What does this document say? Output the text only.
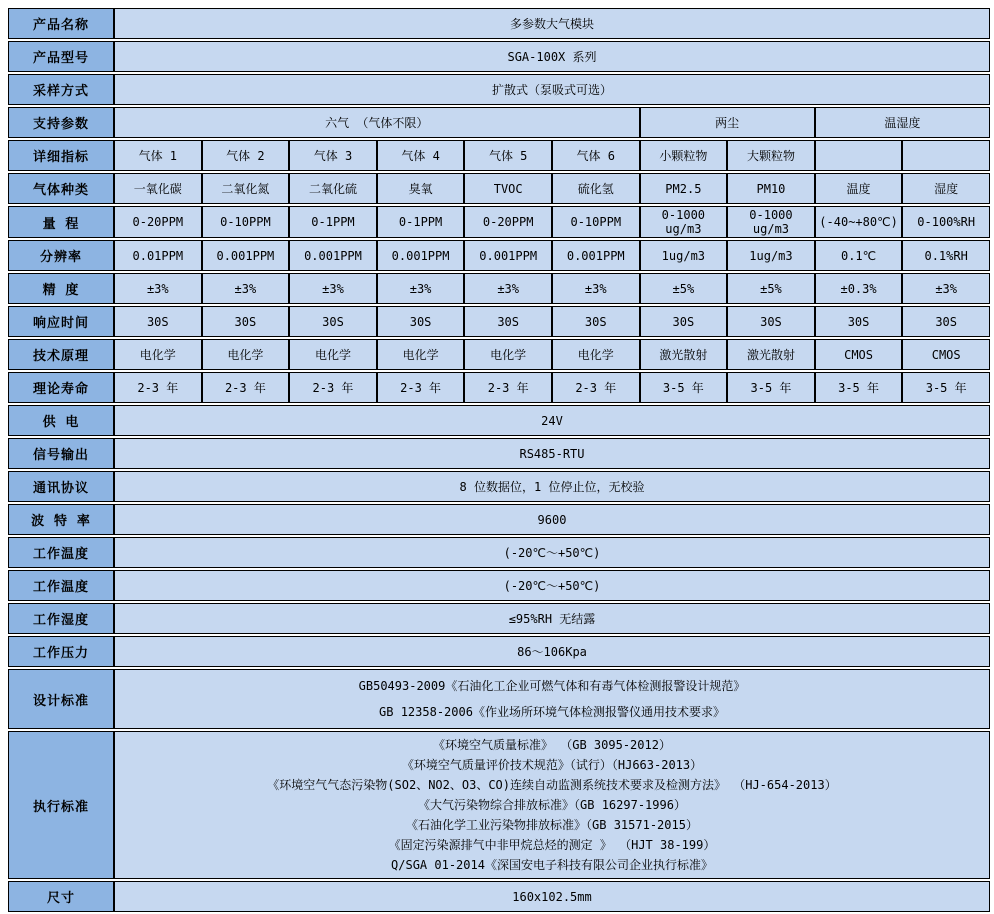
产品名称	多参数大气模块									
产品型号	SGA-100X 系列									
采样方式	扩散式（泵吸式可选）									
支持参数	六气 （气体不限）						两尘		温湿度	
详细指标	气体 1	气体 2	气体 3	气体 4	气体 5	气体 6	小颗粒物	大颗粒物		
气体种类	一氧化碳	二氧化氮	二氧化硫	臭氧	TVOC	硫化氢	PM2.5	PM10	温度	湿度
量 程	0-20PPM	0-10PPM	0-1PPM	0-1PPM	0-20PPM	0-10PPM	0-1000 ug/m3	0-1000 ug/m3	(-40~+80℃)	0-100%RH
分辨率	0.01PPM	0.001PPM	0.001PPM	0.001PPM	0.001PPM	0.001PPM	1ug/m3	1ug/m3	0.1℃	0.1%RH
精 度	±3%	±3%	±3%	±3%	±3%	±3%	±5%	±5%	±0.3%	±3%
响应时间	30S	30S	30S	30S	30S	30S	30S	30S	30S	30S
技术原理	电化学	电化学	电化学	电化学	电化学	电化学	激光散射	激光散射	CMOS	CMOS
理论寿命	2-3 年	2-3 年	2-3 年	2-3 年	2-3 年	2-3 年	3-5 年	3-5 年	3-5 年	3-5 年
供 电	24V									
信号输出	RS485-RTU									
通讯协议	8 位数据位，1 位停止位，无校验									
波 特 率	9600									
工作温度	(-20℃～+50℃)									
工作温度	(-20℃～+50℃)									
工作湿度	≤95%RH 无结露									
工作压力	86～106Kpa									
设计标准	GB50493-2009《石油化工企业可燃气体和有毒气体检测报警设计规范》
GB 12358-2006《作业场所环境气体检测报警仪通用技术要求》									

执行标准	
《环境空气质量标准》 （GB 3095-2012）
《环境空气质量评价技术规范》（试行）（HJ663-2013）
《环境空气气态污染物(SO2、NO2、O3、CO)连续自动监测系统技术要求及检测方法》 （HJ-654-2013）
《大气污染物综合排放标准》（GB 16297-1996）
《石油化学工业污染物排放标准》（GB 31571-2015）
《固定污染源排气中非甲烷总烃的测定 》 （HJT 38-199）
Q/SGA 01-2014《深国安电子科技有限公司企业执行标准》

尺寸	160x102.5mm									
